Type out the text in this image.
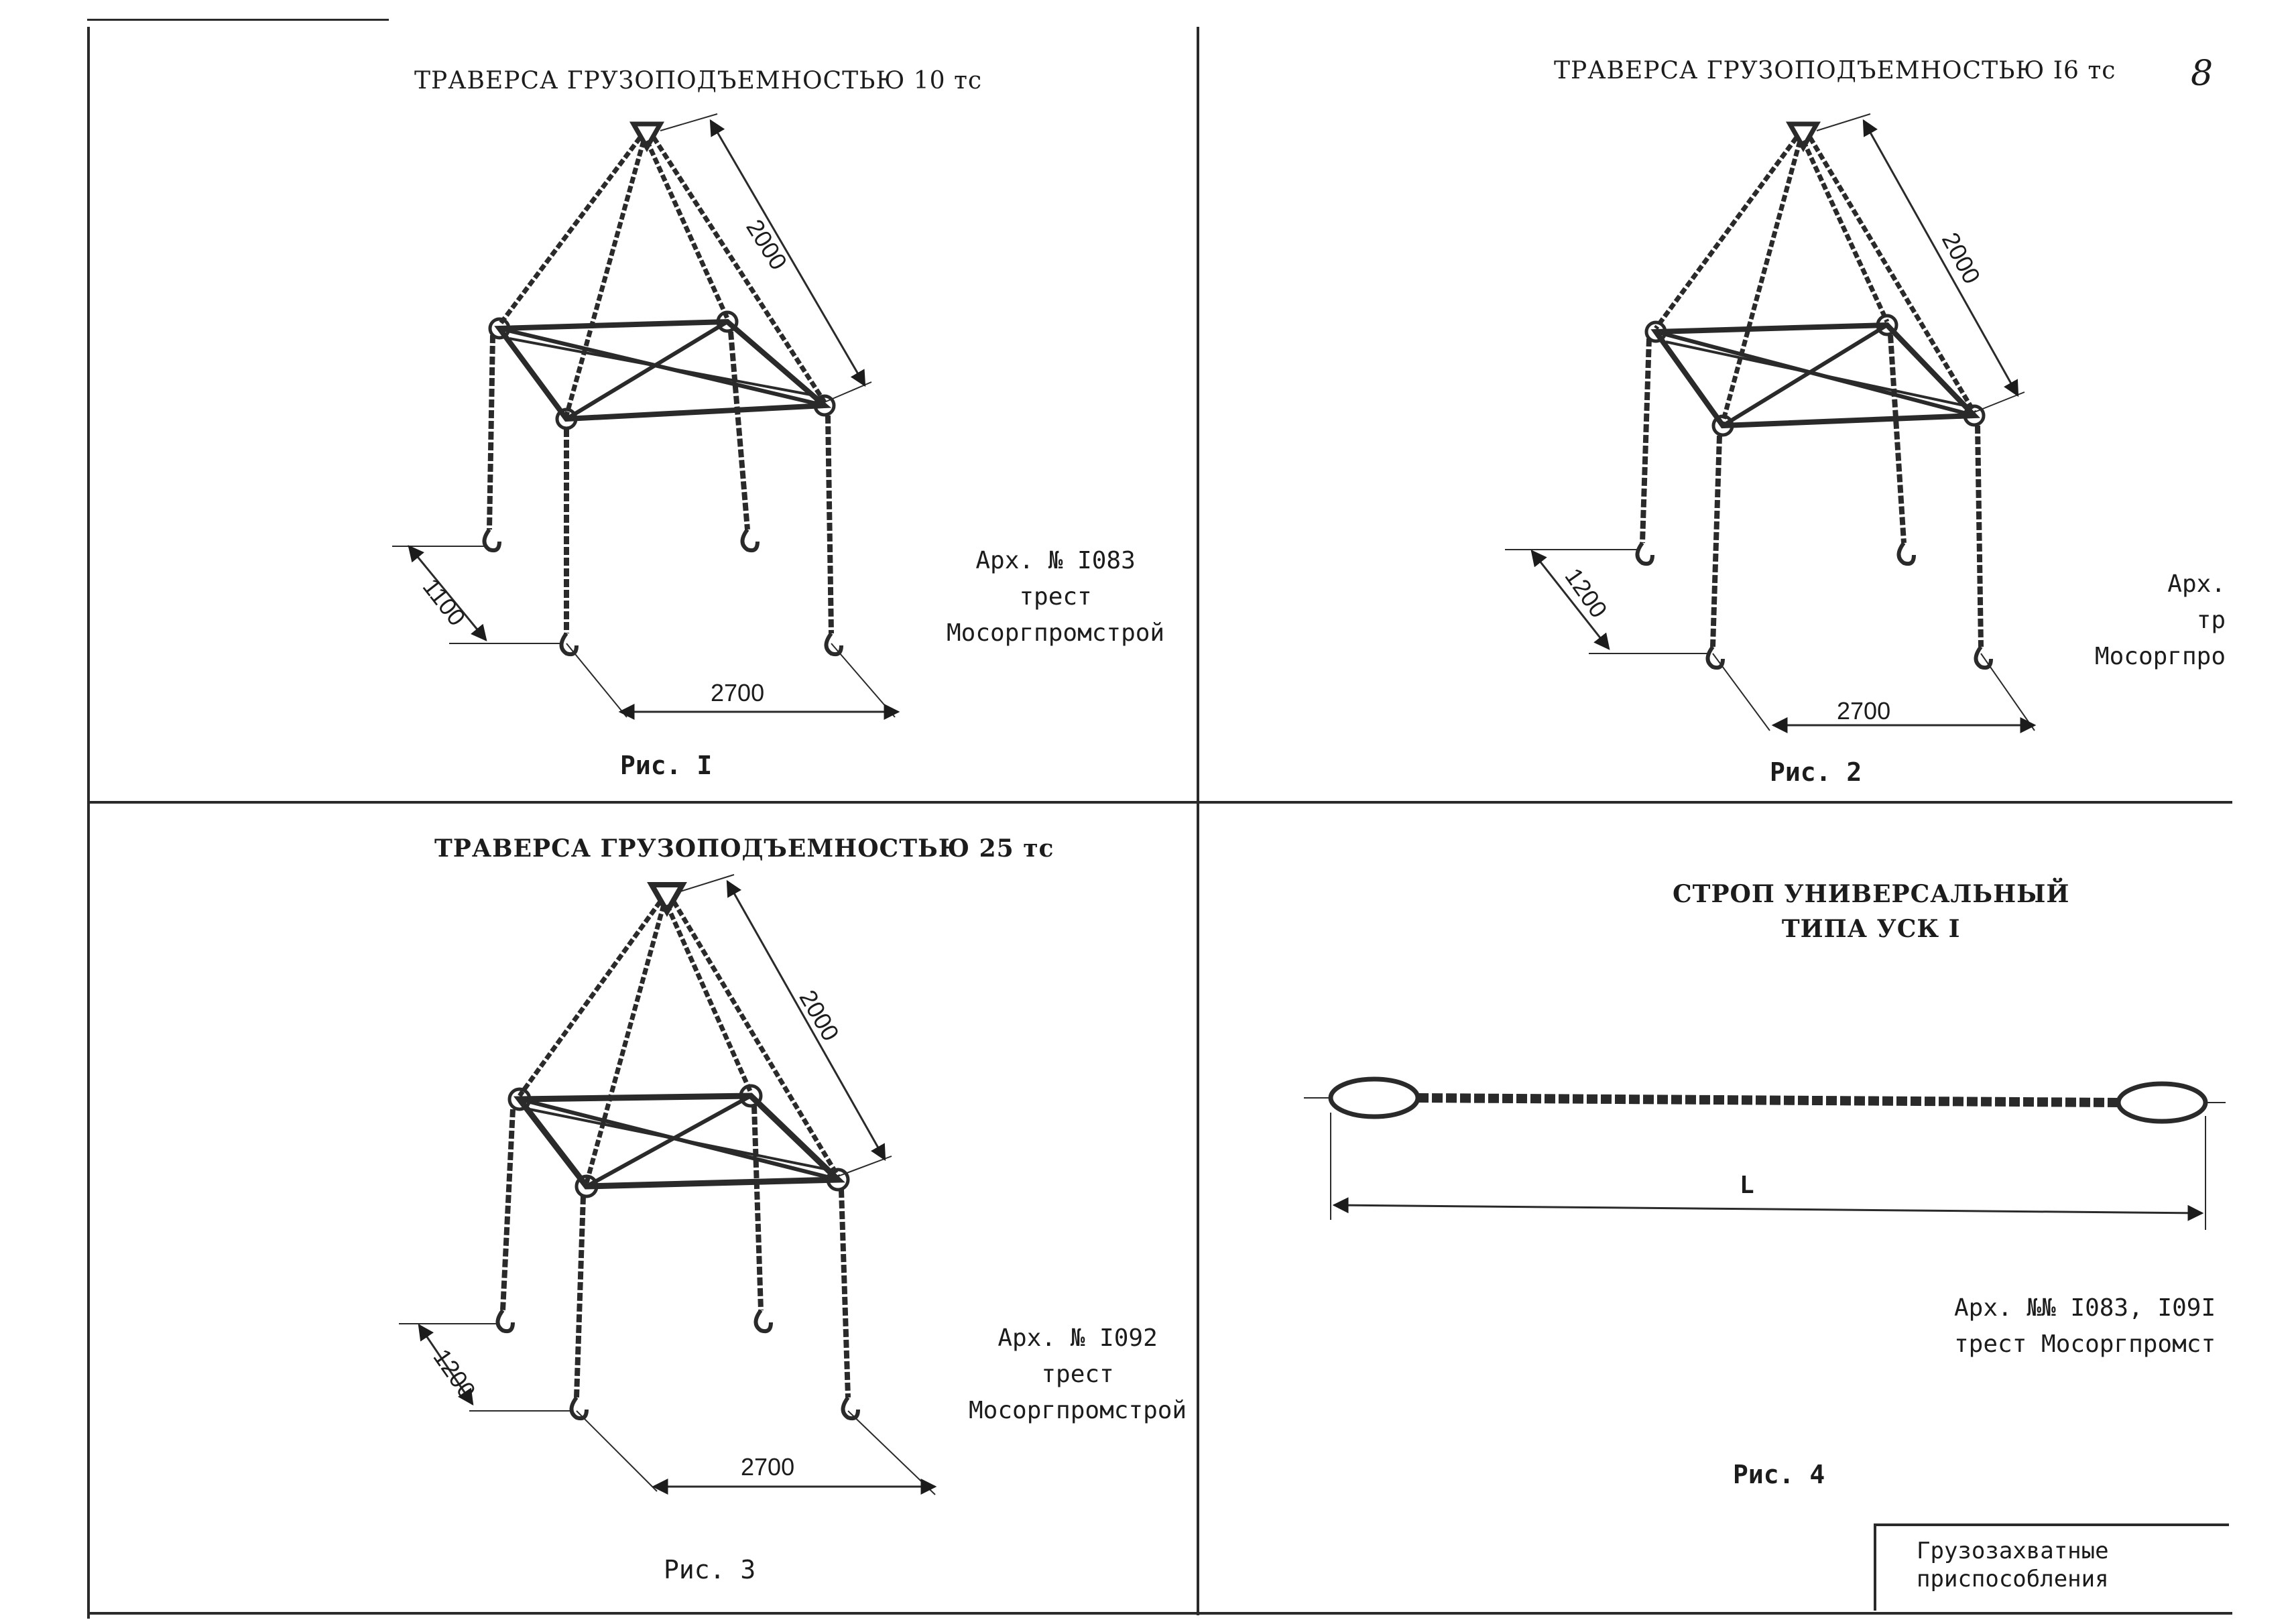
8
ТРАВЕРСА ГРУЗОПОДЪЕМНОСТЬЮ 10 тс
2000
1100
2700
Арх. № I083
трест
Мосоргпромстрой
Рис. I
ТРАВЕРСА ГРУЗОПОДЪЕМНОСТЬЮ I6 тс
2000
1200
2700
Арх.
тр
Мосоргпро
Рис. 2
ТРАВЕРСА ГРУЗОПОДЪЕМНОСТЬЮ 25 тс
2000
1200
2700
Арх. № I092
трест
Мосоргпромстрой
Рис. 3
СТРОП УНИВЕРСАЛЬНЫЙ
ТИПА УСК I
L
Арх. №№ I083, I09I
трест Мосоргпромст
Рис. 4
Грузозахватные
приспособления
